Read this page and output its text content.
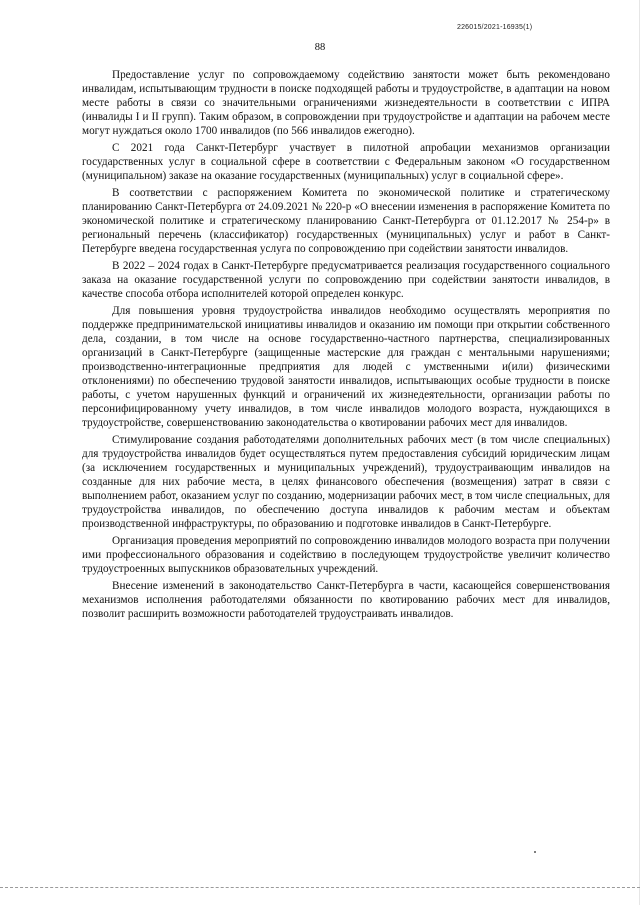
226015/2021-16935(1)
88

Предоставление услуг по сопровождаемому содействию занятости может быть рекомендовано инвалидам, испытывающим трудности в поиске подходящей работы и трудоустройстве, в адаптации на новом месте работы в связи со значительными ограничениями жизнедеятельности в соответствии с ИПРА (инвалиды I и II групп). Таким образом, в сопровождении при трудоустройстве и адаптации на рабочем месте могут нуждаться около 1700 инвалидов (по 566 инвалидов ежегодно).

С 2021 года Санкт-Петербург участвует в пилотной апробации механизмов организации государственных услуг в социальной сфере в соответствии с Федеральным законом «О государственном (муниципальном) заказе на оказание государственных (муниципальных) услуг в социальной сфере».

В соответствии с распоряжением Комитета по экономической политике и стратегическому планированию Санкт-Петербурга от 24.09.2021 № 220-р «О внесении изменения в распоряжение Комитета по экономической политике и стратегическому планированию Санкт-Петербурга от 01.12.2017 № 254-р» в региональный перечень (классификатор) государственных (муниципальных) услуг и работ в Санкт-Петербурге введена государственная услуга по сопровождению при содействии занятости инвалидов.

В 2022 – 2024 годах в Санкт-Петербурге предусматривается реализация государственного социального заказа на оказание государственной услуги по сопровождению при содействии занятости инвалидов, в качестве способа отбора исполнителей которой определен конкурс.

Для повышения уровня трудоустройства инвалидов необходимо осуществлять мероприятия по поддержке предпринимательской инициативы инвалидов и оказанию им помощи при открытии собственного дела, создании, в том числе на основе государственно-частного партнерства, специализированных организаций в Санкт-Петербурге (защищенные мастерские для граждан с ментальными нарушениями; производственно-интеграционные предприятия для людей с умственными и(или) физическими отклонениями) по обеспечению трудовой занятости инвалидов, испытывающих особые трудности в поиске работы, с учетом нарушенных функций и ограничений их жизнедеятельности, организации работы по персонифицированному учету инвалидов, в том числе инвалидов молодого возраста, нуждающихся в трудоустройстве, совершенствованию законодательства о квотировании рабочих мест для инвалидов.

Стимулирование создания работодателями дополнительных рабочих мест (в том числе специальных) для трудоустройства инвалидов будет осуществляться путем предоставления субсидий юридическим лицам (за исключением государственных и муниципальных учреждений), трудоустраивающим инвалидов на созданные для них рабочие места, в целях финансового обеспечения (возмещения) затрат в связи с выполнением работ, оказанием услуг по созданию, модернизации рабочих мест, в том числе специальных, для трудоустройства инвалидов, по обеспечению доступа инвалидов к рабочим местам и объектам производственной инфраструктуры, по образованию и подготовке инвалидов в Санкт-Петербурге.

Организация проведения мероприятий по сопровождению инвалидов молодого возраста при получении ими профессионального образования и содействию в последующем трудоустройстве увеличит количество трудоустроенных выпускников образовательных учреждений.

Внесение изменений в законодательство Санкт-Петербурга в части, касающейся совершенствования механизмов исполнения работодателями обязанности по квотированию рабочих мест для инвалидов, позволит расширить возможности работодателей трудоустраивать инвалидов.
